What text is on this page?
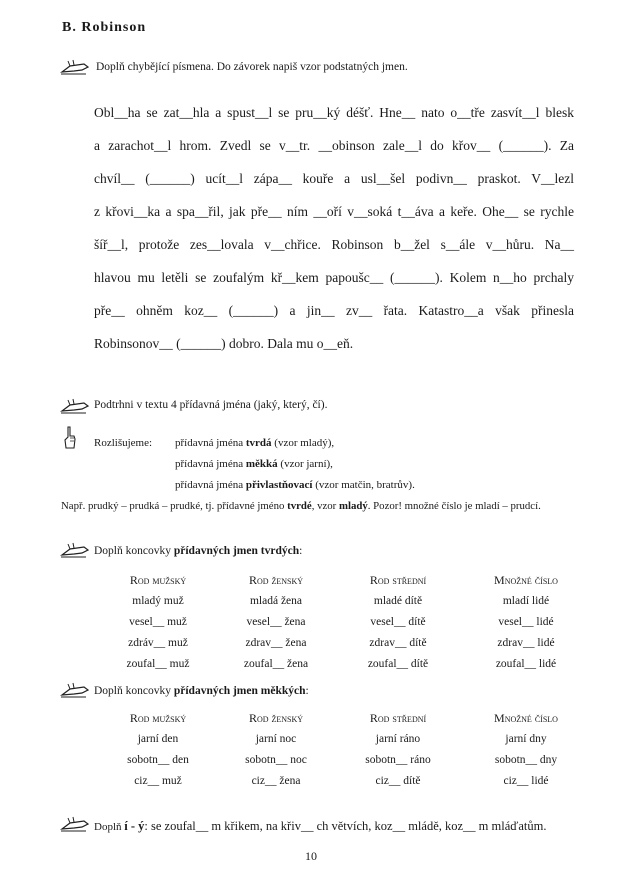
B. Robinson
Doplň chybějící písmena. Do závorek napiš vzor podstatných jmen.
Obl__ha se zat__hla a spust__l se pru__ký déšť. Hne__ nato o__tře zasvít__l blesk
a zarachot__l hrom. Zvedl se v__tr. __obinson zale__l do křov__ (______). Za
chvíl__ (______) ucít__l zápa__ kouře a usl__šel podivn__ praskot. V__lezl
z křovi__ka a spa__řil, jak pře__ ním __oří v__soká t__áva a keře. Ohe__ se rychle
šíř__l, protože zes__lovala v__chřice. Robinson b__žel s__ále v__hůru. Na__
hlavou mu letěli se zoufalým kř__kem papoušc__ (______). Kolem n__ho prchaly
pře__ ohněm koz__ (______) a jin__ zv__ řata. Katastro__a však přinesla
Robinsonov__ (______) dobro. Dala mu o__eň.
Podtrhni v textu 4 přídavná jména (jaký, který, čí).
Rozlišujeme: přídavná jména tvrdá (vzor mladý),
přídavná jména měkká (vzor jarní),
přídavná jména přivlastňovací (vzor matčin, bratrův).
Např. prudký – prudká – prudké, tj. přídavné jméno tvrdé, vzor mladý. Pozor! množné číslo je mladí – prudcí.
Doplň koncovky přídavných jmen tvrdých:
Rod mužský
mladý muž
vesel__ muž
zdráv__ muž
zoufal__ muž
Rod ženský
mladá žena
vesel__ žena
zdrav__ žena
zoufal__ žena
Rod střední
mladé dítě
vesel__ dítě
zdrav__ dítě
zoufal__ dítě
Množné číslo
mladí lidé
vesel__ lidé
zdrav__ lidé
zoufal__ lidé
Doplň koncovky přídavných jmen měkkých:
Rod mužský
jarní den
sobotn__ den
ciz__ muž
Rod ženský
jarní noc
sobotn__ noc
ciz__ žena
Rod střední
jarní ráno
sobotn__ ráno
ciz__ dítě
Množné číslo
jarní dny
sobotn__ dny
ciz__ lidé
Doplň í - ý: se zoufal__ m křikem, na křiv__ ch větvích, koz__ mládě, koz__ m mláďatům.
10
